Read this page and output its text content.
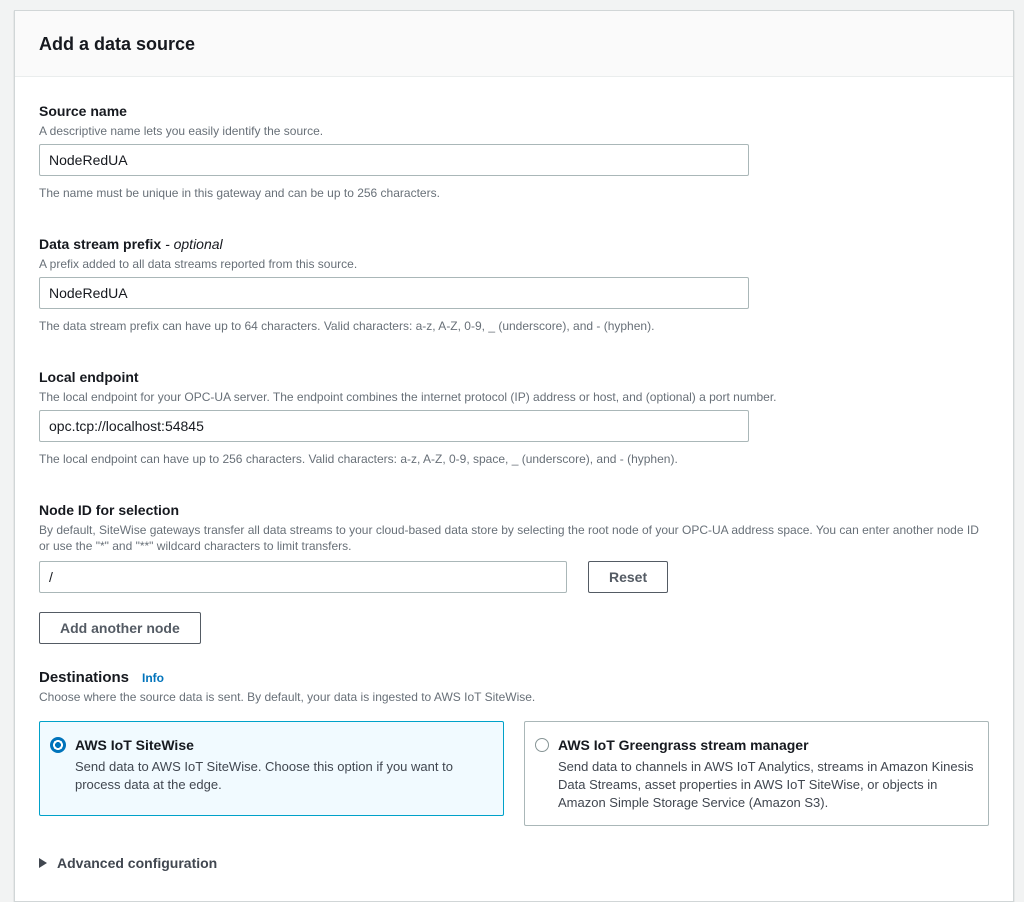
Add a data source
Source name
A descriptive name lets you easily identify the source.
NodeRedUA
The name must be unique in this gateway and can be up to 256 characters.
Data stream prefix - optional
A prefix added to all data streams reported from this source.
NodeRedUA
The data stream prefix can have up to 64 characters. Valid characters: a-z, A-Z, 0-9, _ (underscore), and - (hyphen).
Local endpoint
The local endpoint for your OPC-UA server. The endpoint combines the internet protocol (IP) address or host, and (optional) a port number.
opc.tcp://localhost:54845
The local endpoint can have up to 256 characters. Valid characters: a-z, A-Z, 0-9, space, _ (underscore), and - (hyphen).
Node ID for selection
By default, SiteWise gateways transfer all data streams to your cloud-based data store by selecting the root node of your OPC-UA address space. You can enter another node ID or use the "*" and "**" wildcard characters to limit transfers.
/
Reset
Add another node
Destinations Info
Choose where the source data is sent. By default, your data is ingested to AWS IoT SiteWise.
AWS IoT SiteWise
Send data to AWS IoT SiteWise. Choose this option if you want to process data at the edge.
AWS IoT Greengrass stream manager
Send data to channels in AWS IoT Analytics, streams in Amazon Kinesis Data Streams, asset properties in AWS IoT SiteWise, or objects in Amazon Simple Storage Service (Amazon S3).
Advanced configuration
